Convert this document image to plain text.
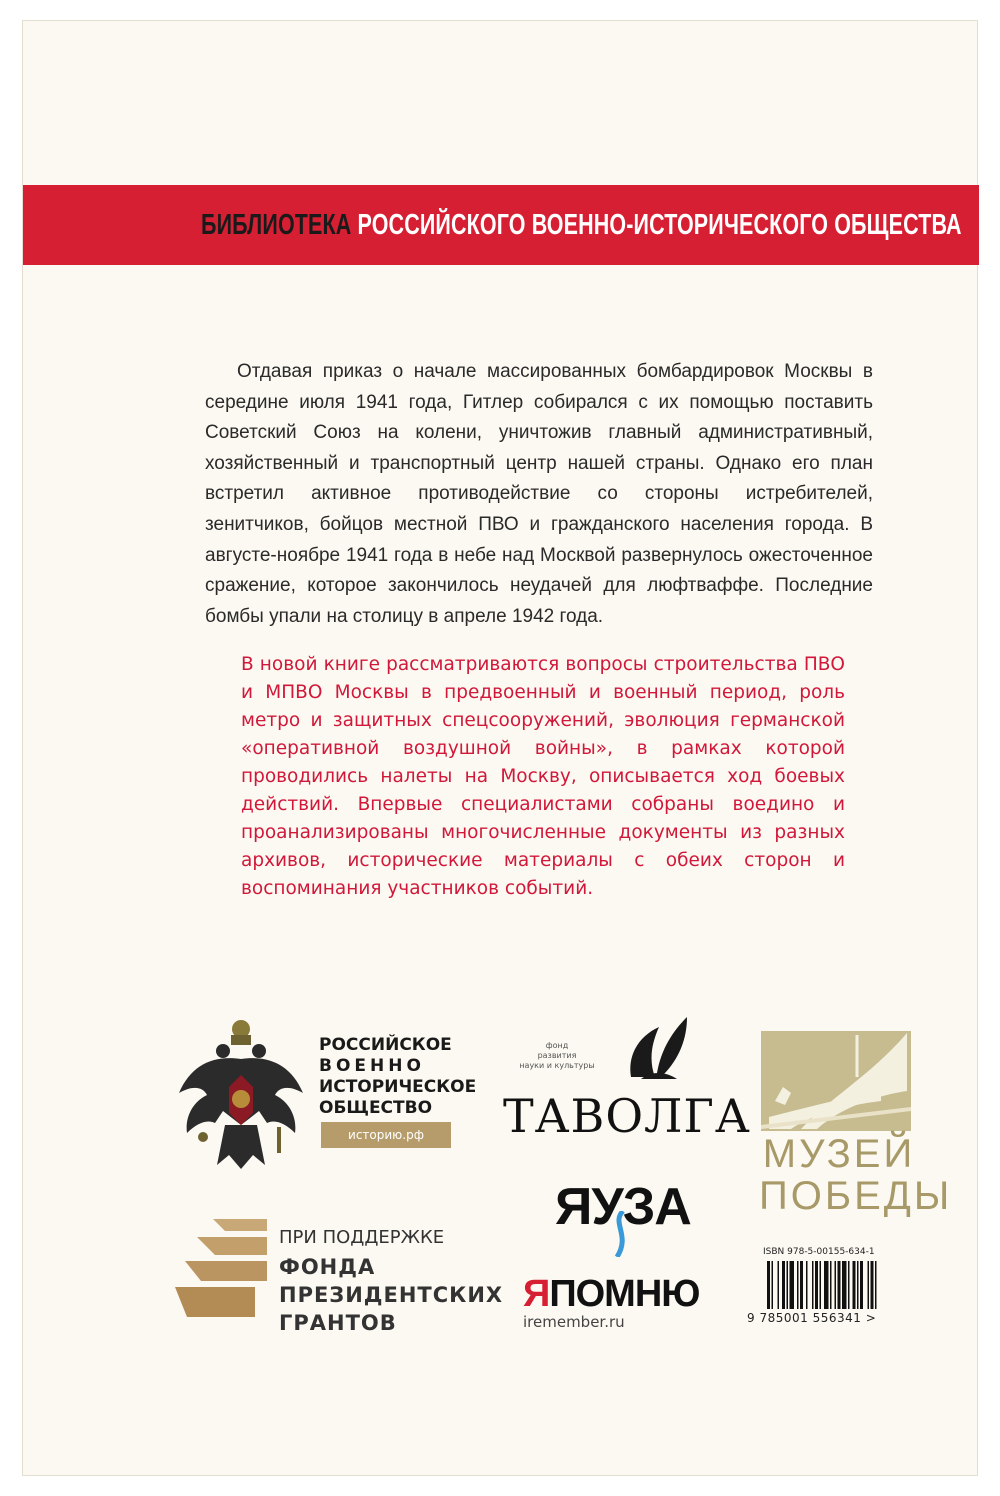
БИБЛИОТЕКА РОССИЙСКОГО ВОЕННО-ИСТОРИЧЕСКОГО ОБЩЕСТВА

Отдавая приказ о начале массированных бомбардировок Москвы в середине июля 1941 года, Гитлер собирался с их помощью поставить Советский Союз на колени, уничтожив главный административный, хозяйственный и транспортный центр нашей страны. Однако его план встретил активное противодействие со стороны истребителей, зенитчиков, бойцов местной ПВО и гражданского населения города. В августе-ноябре 1941 года в небе над Москвой развернулось ожесточенное сражение, которое закончилось неудачей для люфтваффе. Последние бомбы упали на столицу в апреле 1942 года.

В новой книге рассматриваются вопросы строительства ПВО и МПВО Москвы в предвоенный и военный период, роль метро и защитных спецсооружений, эволюция германской «оперативной воздушной войны», в рамках которой проводились налеты на Москву, описывается ход боевых действий. Впервые специалистами собраны воедино и проанализированы многочисленные документы из разных архивов, исторические материалы с обеих сторон и воспоминания участников событий.

РОССИЙСКОЕ
ВОЕННО
ИСТОРИЧЕСКОЕ
ОБЩЕСТВО
историю.рф
фонд
развития
науки и культуры
ТАВОЛГА
МУЗЕЙ
ПОБЕДЫ
ЯУЗА
ПРИ ПОДДЕРЖКЕ
ФОНДА
ПРЕЗИДЕНТСКИХ
ГРАНТОВ
ЯПОМНЮ
iremember.ru
ISBN 978-5-00155-634-1
9 785001 556341 >
